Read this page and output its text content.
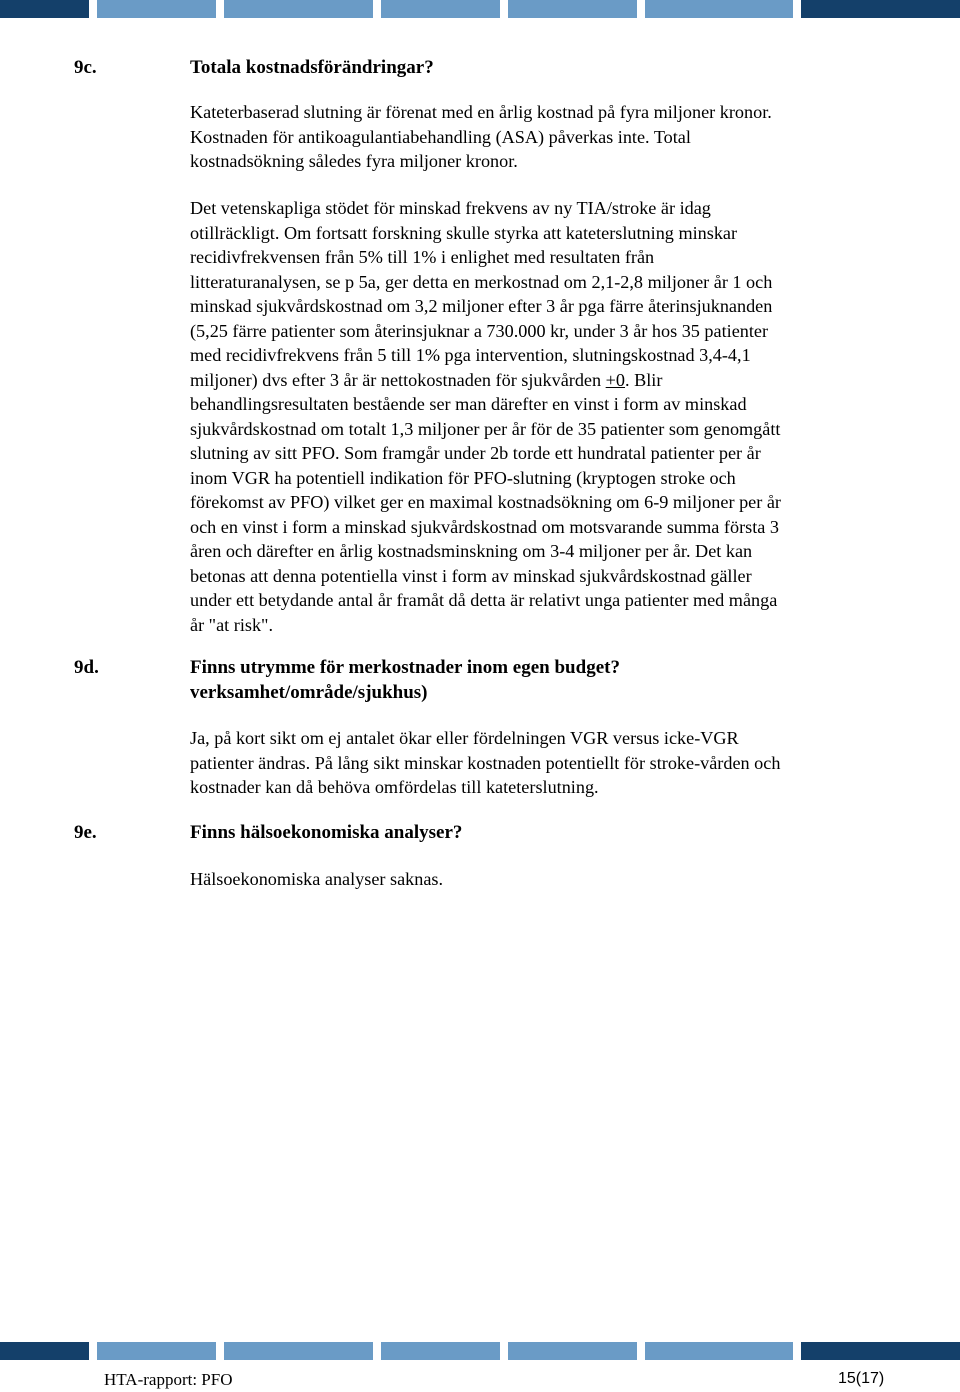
9c.	Totala kostnadsförändringar?
Kateterbaserad slutning är förenat med en årlig kostnad på fyra miljoner kronor.
Kostnaden för antikoagulantiabehandling (ASA) påverkas inte. Total
kostnadsökning således fyra miljoner kronor.
Det vetenskapliga stödet för minskad frekvens av ny TIA/stroke är idag
otillräckligt. Om fortsatt forskning skulle styrka att kateterslutning minskar
recidivfrekvensen från 5% till 1% i enlighet med resultaten från
litteraturanalysen, se p 5a, ger detta en merkostnad om 2,1-2,8 miljoner år 1 och
minskad sjukvårdskostnad om 3,2 miljoner efter 3 år pga färre återinsjuknanden
(5,25 färre patienter som återinsjuknar a 730.000 kr, under 3 år hos 35 patienter
med recidivfrekvens från 5 till 1% pga intervention, slutningskostnad 3,4-4,1
miljoner) dvs efter 3 år är nettokostnaden för sjukvården +0. Blir
behandlingsresultaten bestående ser man därefter en vinst i form av minskad
sjukvårdskostnad om totalt 1,3 miljoner per år för de 35 patienter som genomgått
slutning av sitt PFO. Som framgår under 2b torde ett hundratal patienter per år
inom VGR ha potentiell indikation för PFO-slutning (kryptogen stroke och
förekomst av PFO) vilket ger en maximal kostnadsökning om 6-9 miljoner per år
och en vinst i form a minskad sjukvårdskostnad om motsvarande summa första 3
åren och därefter en årlig kostnadsminskning om 3-4 miljoner per år. Det kan
betonas att denna potentiella vinst i form av minskad sjukvårdskostnad gäller
under ett betydande antal år framåt då detta är relativt unga patienter med många
år "at risk".
9d.	Finns utrymme för merkostnader inom egen budget?
verksamhet/område/sjukhus)
Ja, på kort sikt om ej antalet ökar eller fördelningen VGR versus icke-VGR
patienter ändras. På lång sikt minskar kostnaden potentiellt för stroke-vården och
kostnader kan då behöva omfördelas till kateterslutning.
9e.	Finns hälsoekonomiska analyser?
Hälsoekonomiska analyser saknas.
HTA-rapport: PFO	15(17)
